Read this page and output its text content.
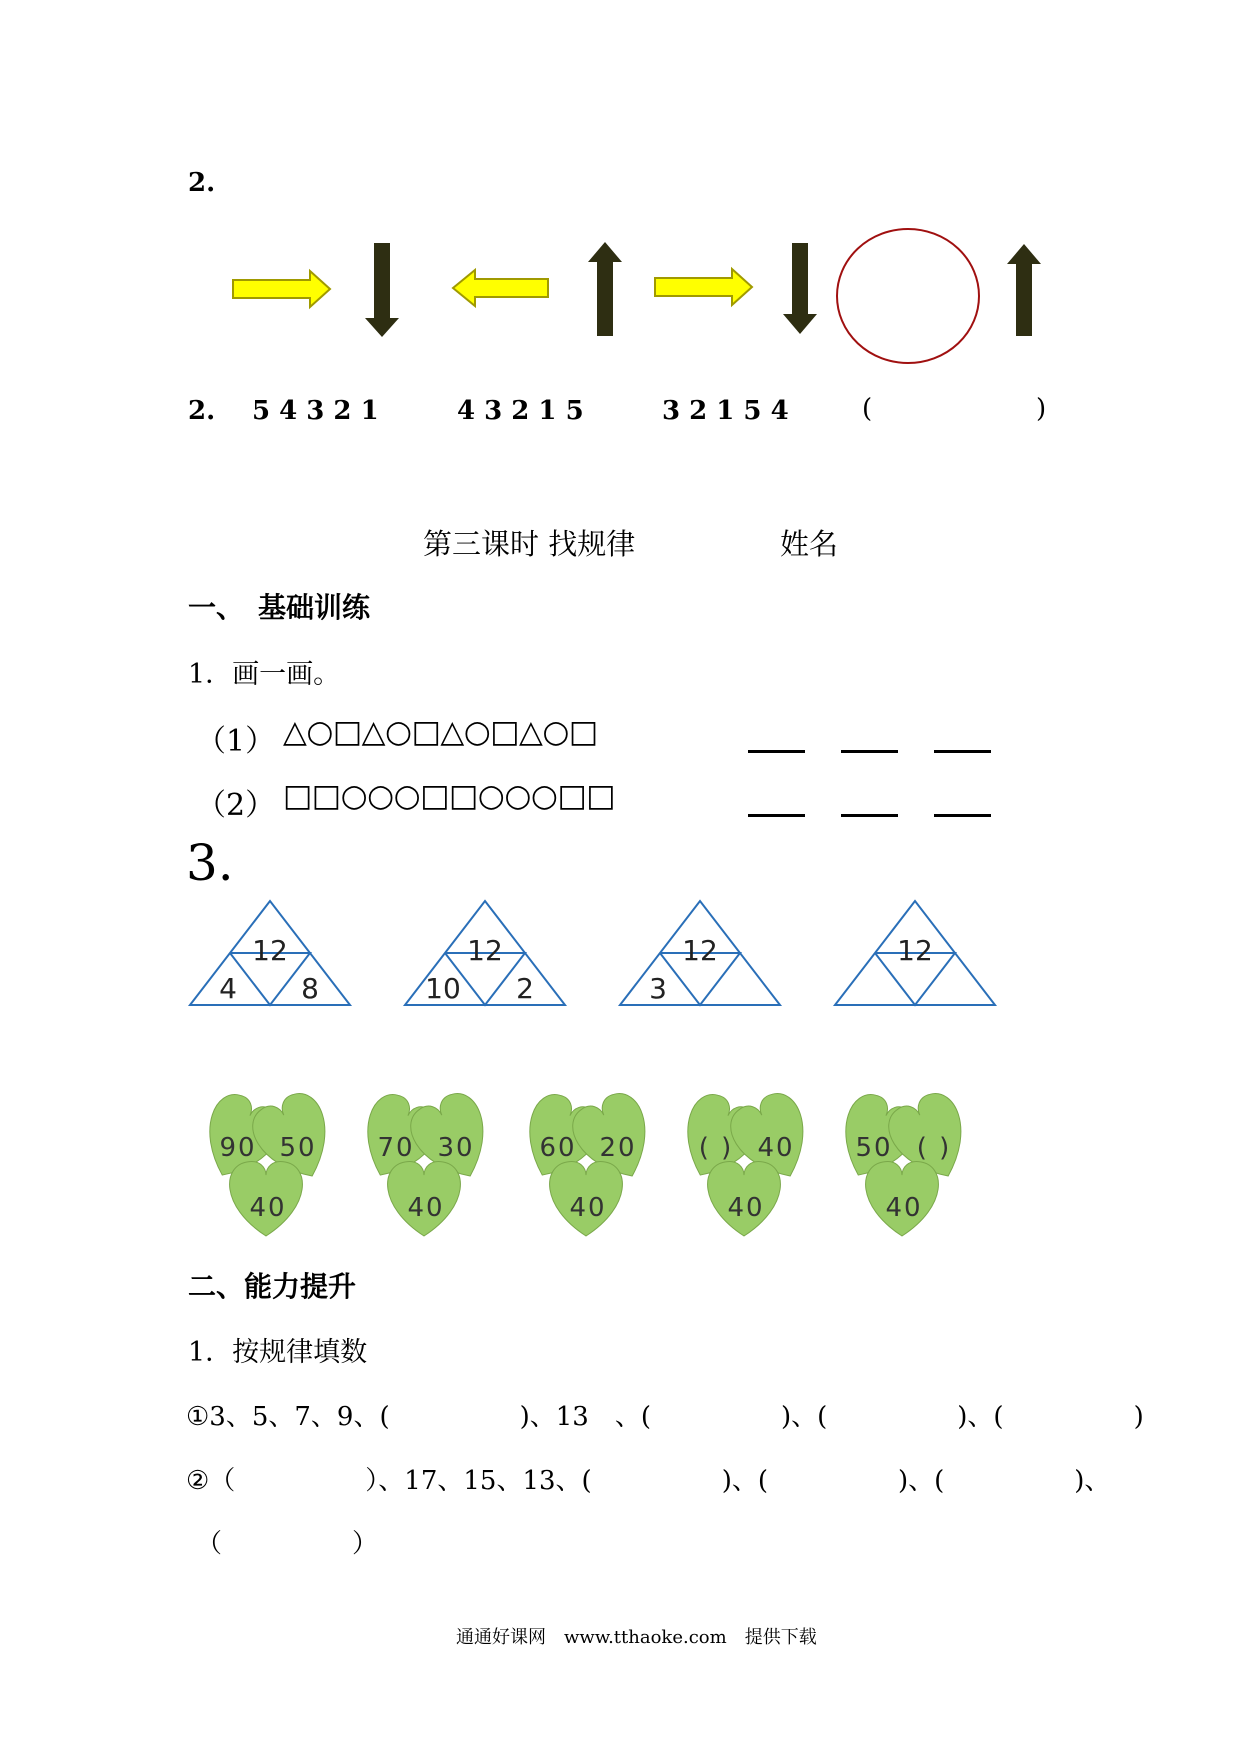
2.
2. 5 4 3 2 1	4 3 2 1 5	3 2 1 5 4	(	)
第三课时 找规律	姓名
一、　基础训练
1．画一画。
（1） △○□△○□△○□△○□
（2） □□○○○□□○○○□□
3.
12
4 8
12
10 2
12
3
12
90 50
40
70 30
40
60 20
40
( ) 40
40
50 ( )
40
二、能力提升
1．按规律填数
①3、5、7、9、(　　　　　)、13　、(　　　　　)、(　　　　　)、(　　　　　)
②（　　　　　）、17、15、13、(　　　　　)、(　　　　　)、(　　　　　)、
（　　　　　）
通通好课网　www.tthaoke.com　提供下载
